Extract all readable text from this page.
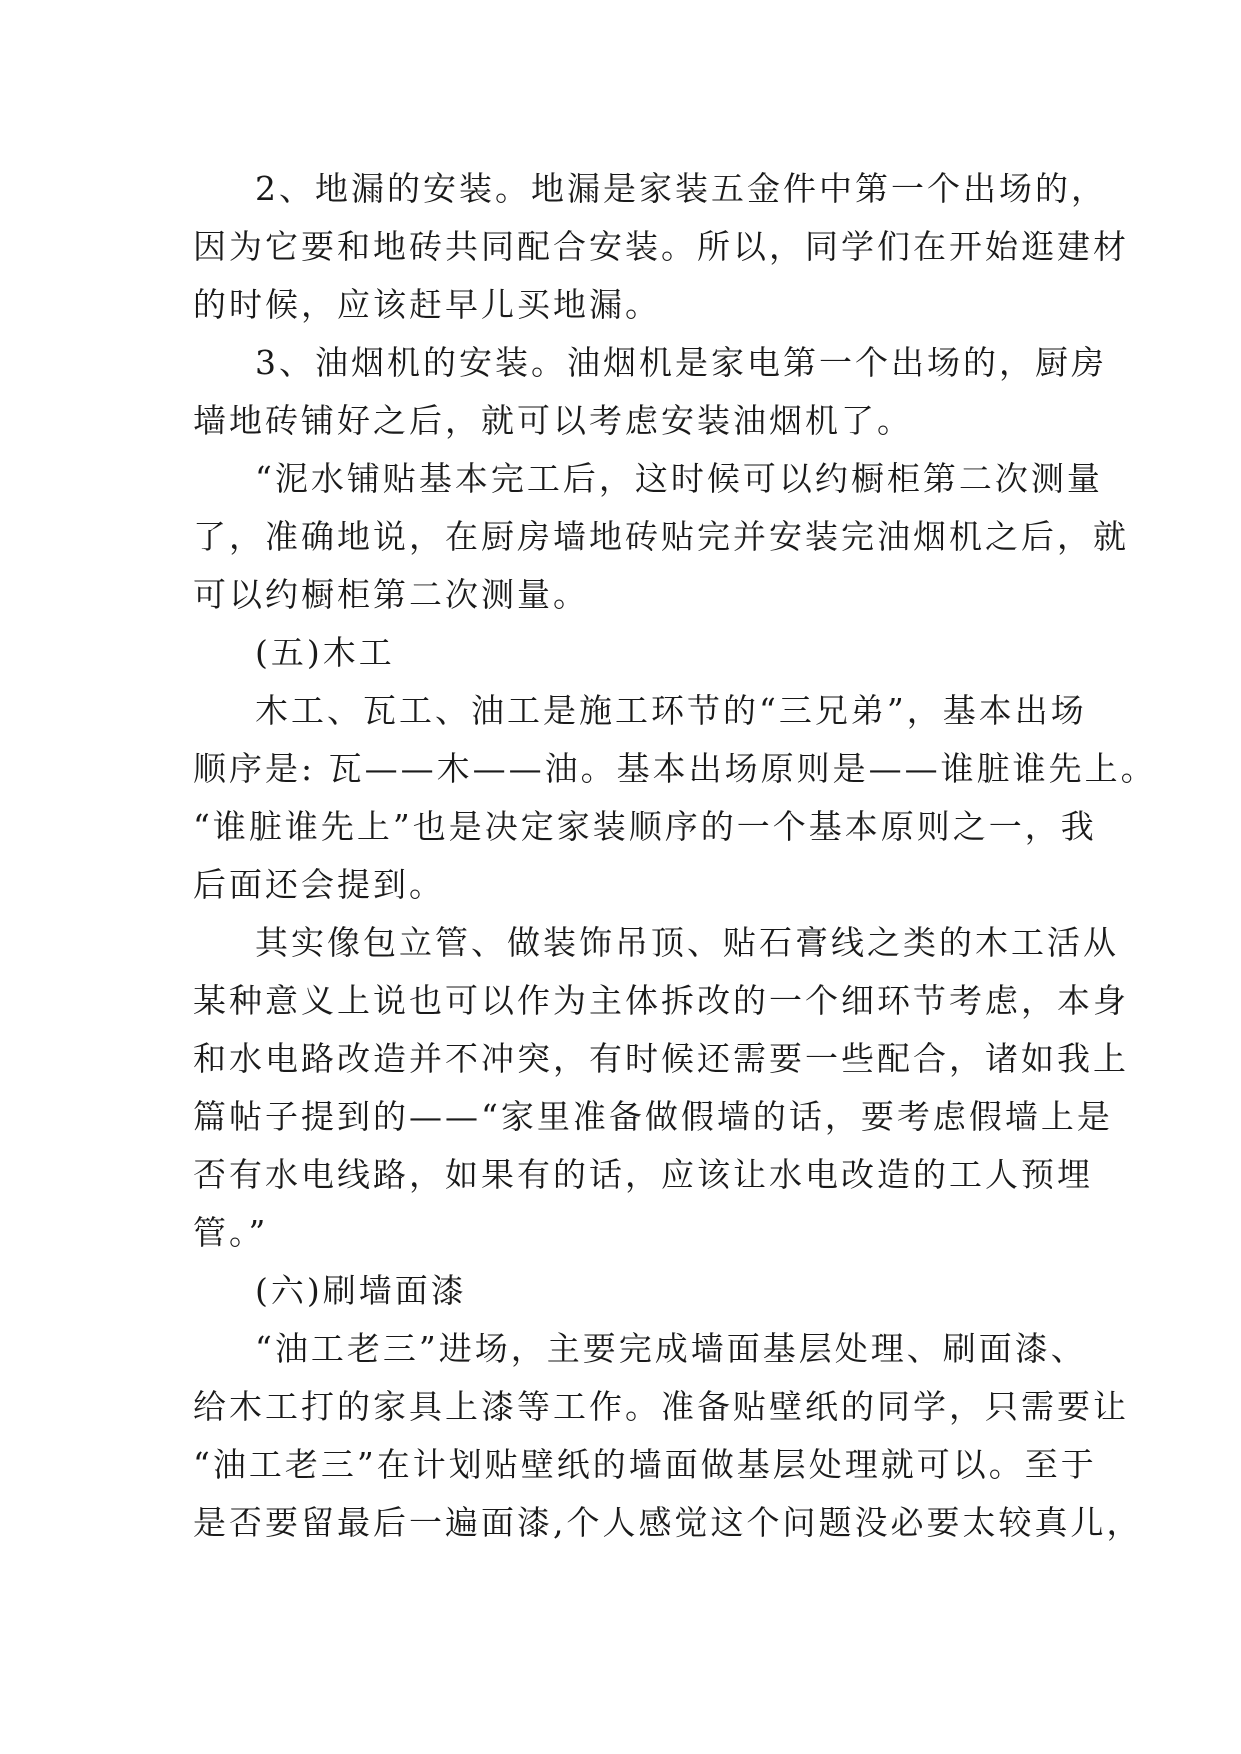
2、地漏的安装。地漏是家装五金件中第一个出场的，
因为它要和地砖共同配合安装。所以，同学们在开始逛建材
的时候，应该赶早儿买地漏。
3、油烟机的安装。油烟机是家电第一个出场的，厨房
墙地砖铺好之后，就可以考虑安装油烟机了。
“泥水铺贴基本完工后，这时候可以约橱柜第二次测量
了，准确地说，在厨房墙地砖贴完并安装完油烟机之后，就
可以约橱柜第二次测量。
(五)木工
木工、瓦工、油工是施工环节的“三兄弟”，基本出场
顺序是: 瓦——木——油。基本出场原则是——谁脏谁先上。
“谁脏谁先上”也是决定家装顺序的一个基本原则之一，我
后面还会提到。
其实像包立管、做装饰吊顶、贴石膏线之类的木工活从
某种意义上说也可以作为主体拆改的一个细环节考虑，本身
和水电路改造并不冲突，有时候还需要一些配合，诸如我上
篇帖子提到的——“家里准备做假墙的话，要考虑假墙上是
否有水电线路，如果有的话，应该让水电改造的工人预埋
管。”
(六)刷墙面漆
“油工老三”进场，主要完成墙面基层处理、刷面漆、
给木工打的家具上漆等工作。准备贴壁纸的同学，只需要让
“油工老三”在计划贴壁纸的墙面做基层处理就可以。至于
是否要留最后一遍面漆,个人感觉这个问题没必要太较真儿，
